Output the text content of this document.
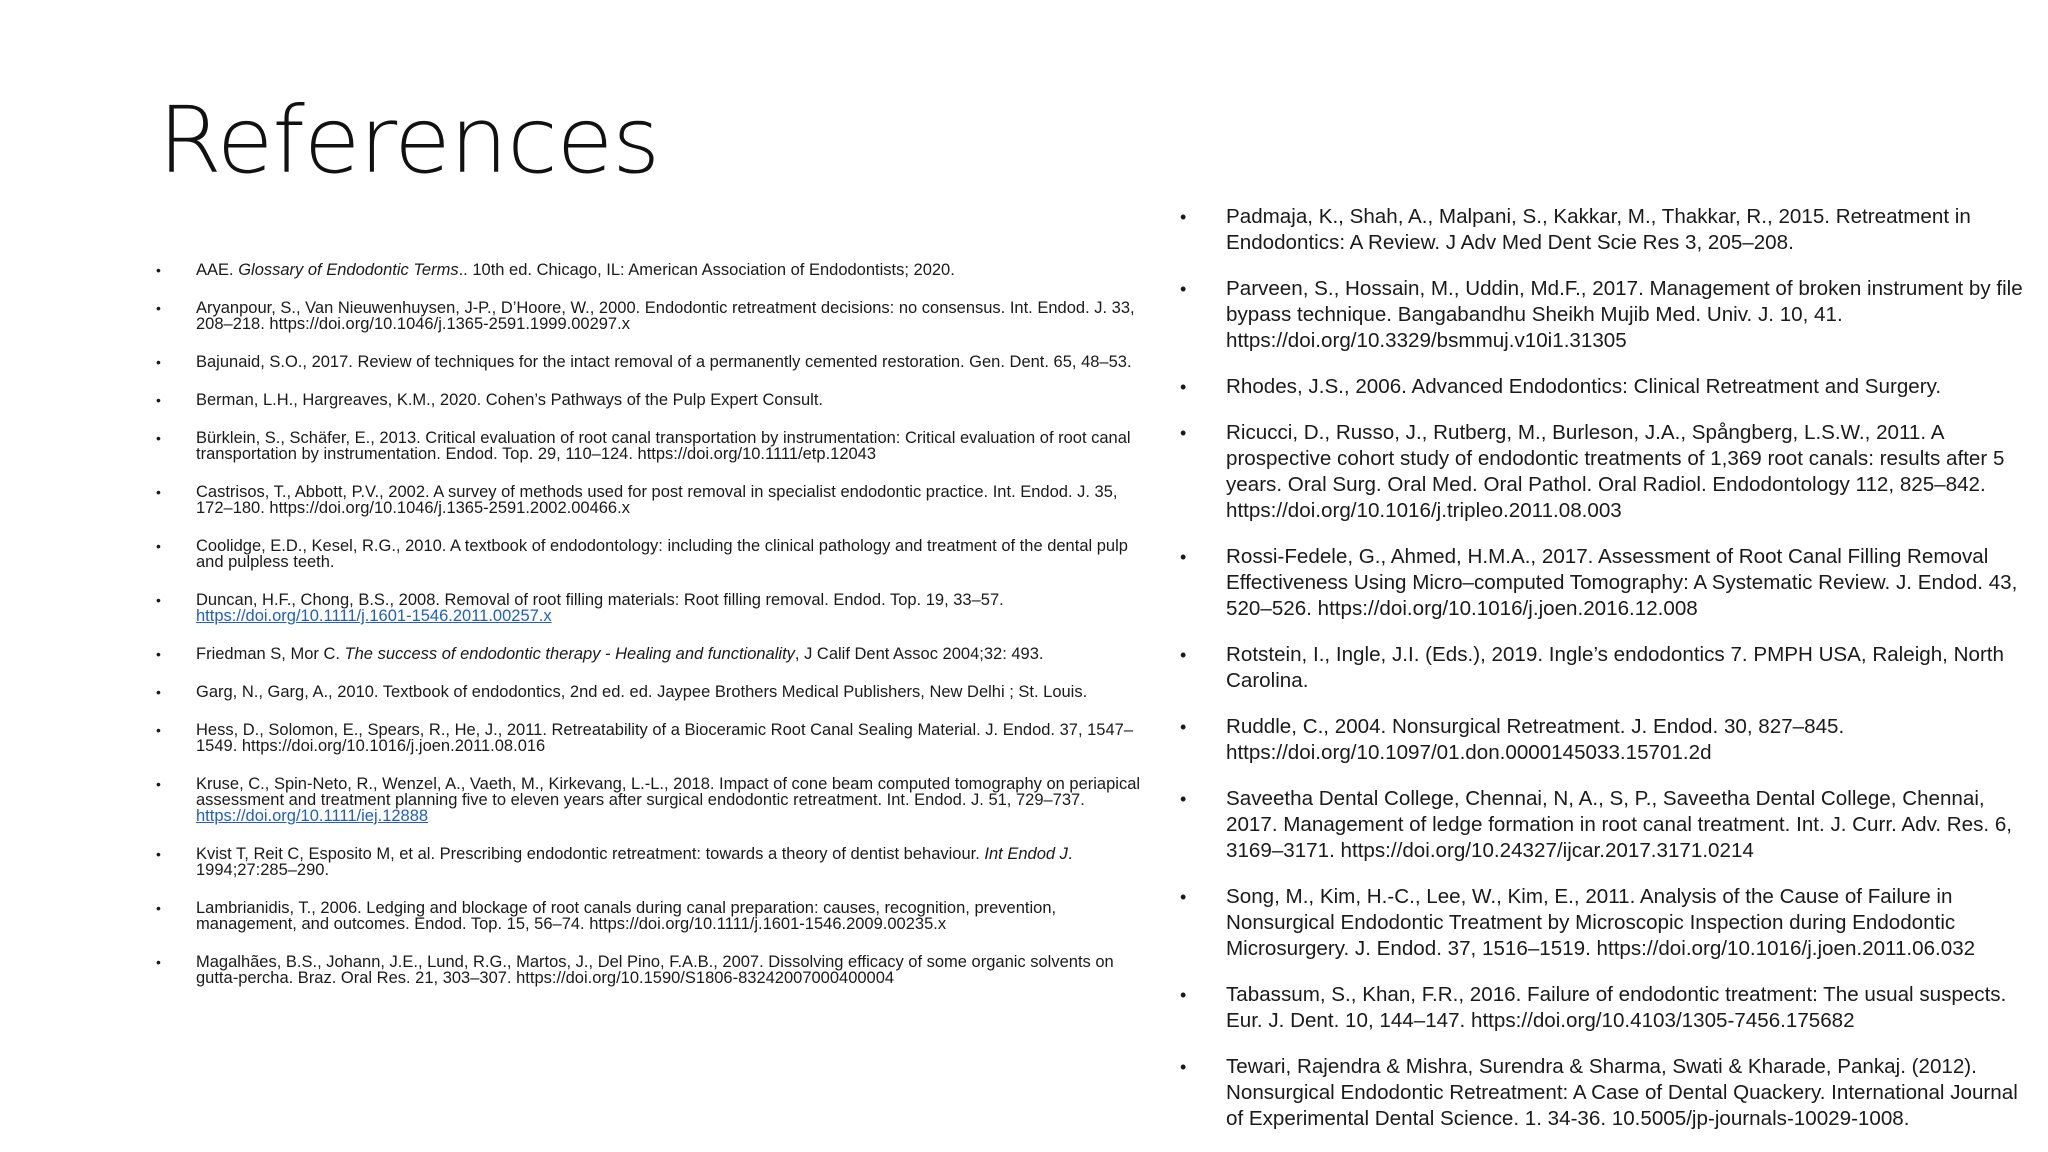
References
• AAE. Glossary of Endodontic Terms.. 10th ed. Chicago, IL: American Association of Endodontists; 2020.
• Aryanpour, S., Van Nieuwenhuysen, J-P., D’Hoore, W., 2000. Endodontic retreatment decisions: no consensus. Int. Endod. J. 33, 208–218. https://doi.org/10.1046/j.1365-2591.1999.00297.x
• Bajunaid, S.O., 2017. Review of techniques for the intact removal of a permanently cemented restoration. Gen. Dent. 65, 48–53.
• Berman, L.H., Hargreaves, K.M., 2020. Cohen’s Pathways of the Pulp Expert Consult.
• Bürklein, S., Schäfer, E., 2013. Critical evaluation of root canal transportation by instrumentation: Critical evaluation of root canal transportation by instrumentation. Endod. Top. 29, 110–124. https://doi.org/10.1111/etp.12043
• Castrisos, T., Abbott, P.V., 2002. A survey of methods used for post removal in specialist endodontic practice. Int. Endod. J. 35, 172–180. https://doi.org/10.1046/j.1365-2591.2002.00466.x
• Coolidge, E.D., Kesel, R.G., 2010. A textbook of endodontology: including the clinical pathology and treatment of the dental pulp and pulpless teeth.
• Duncan, H.F., Chong, B.S., 2008. Removal of root filling materials: Root filling removal. Endod. Top. 19, 33–57. https://doi.org/10.1111/j.1601-1546.2011.00257.x
• Friedman S, Mor C. The success of endodontic therapy - Healing and functionality, J Calif Dent Assoc 2004;32: 493.
• Garg, N., Garg, A., 2010. Textbook of endodontics, 2nd ed. ed. Jaypee Brothers Medical Publishers, New Delhi ; St. Louis.
• Hess, D., Solomon, E., Spears, R., He, J., 2011. Retreatability of a Bioceramic Root Canal Sealing Material. J. Endod. 37, 1547–1549. https://doi.org/10.1016/j.joen.2011.08.016
• Kruse, C., Spin-Neto, R., Wenzel, A., Vaeth, M., Kirkevang, L.-L., 2018. Impact of cone beam computed tomography on periapical assessment and treatment planning five to eleven years after surgical endodontic retreatment. Int. Endod. J. 51, 729–737. https://doi.org/10.1111/iej.12888
• Kvist T, Reit C, Esposito M, et al. Prescribing endodontic retreatment: towards a theory of dentist behaviour. Int Endod J. 1994;27:285–290.
• Lambrianidis, T., 2006. Ledging and blockage of root canals during canal preparation: causes, recognition, prevention, management, and outcomes. Endod. Top. 15, 56–74. https://doi.org/10.1111/j.1601-1546.2009.00235.x
• Magalhães, B.S., Johann, J.E., Lund, R.G., Martos, J., Del Pino, F.A.B., 2007. Dissolving efficacy of some organic solvents on gutta-percha. Braz. Oral Res. 21, 303–307. https://doi.org/10.1590/S1806-83242007000400004
• Padmaja, K., Shah, A., Malpani, S., Kakkar, M., Thakkar, R., 2015. Retreatment in Endodontics: A Review. J Adv Med Dent Scie Res 3, 205–208.
• Parveen, S., Hossain, M., Uddin, Md.F., 2017. Management of broken instrument by file bypass technique. Bangabandhu Sheikh Mujib Med. Univ. J. 10, 41. https://doi.org/10.3329/bsmmuj.v10i1.31305
• Rhodes, J.S., 2006. Advanced Endodontics: Clinical Retreatment and Surgery.
• Ricucci, D., Russo, J., Rutberg, M., Burleson, J.A., Spångberg, L.S.W., 2011. A prospective cohort study of endodontic treatments of 1,369 root canals: results after 5 years. Oral Surg. Oral Med. Oral Pathol. Oral Radiol. Endodontology 112, 825–842. https://doi.org/10.1016/j.tripleo.2011.08.003
• Rossi-Fedele, G., Ahmed, H.M.A., 2017. Assessment of Root Canal Filling Removal Effectiveness Using Micro–computed Tomography: A Systematic Review. J. Endod. 43, 520–526. https://doi.org/10.1016/j.joen.2016.12.008
• Rotstein, I., Ingle, J.I. (Eds.), 2019. Ingle’s endodontics 7. PMPH USA, Raleigh, North Carolina.
• Ruddle, C., 2004. Nonsurgical Retreatment. J. Endod. 30, 827–845. https://doi.org/10.1097/01.don.0000145033.15701.2d
• Saveetha Dental College, Chennai, N, A., S, P., Saveetha Dental College, Chennai, 2017. Management of ledge formation in root canal treatment. Int. J. Curr. Adv. Res. 6, 3169–3171. https://doi.org/10.24327/ijcar.2017.3171.0214
• Song, M., Kim, H.-C., Lee, W., Kim, E., 2011. Analysis of the Cause of Failure in Nonsurgical Endodontic Treatment by Microscopic Inspection during Endodontic Microsurgery. J. Endod. 37, 1516–1519. https://doi.org/10.1016/j.joen.2011.06.032
• Tabassum, S., Khan, F.R., 2016. Failure of endodontic treatment: The usual suspects. Eur. J. Dent. 10, 144–147. https://doi.org/10.4103/1305-7456.175682
• Tewari, Rajendra & Mishra, Surendra & Sharma, Swati & Kharade, Pankaj. (2012). Nonsurgical Endodontic Retreatment: A Case of Dental Quackery. International Journal of Experimental Dental Science. 1. 34-36. 10.5005/jp-journals-10029-1008.
